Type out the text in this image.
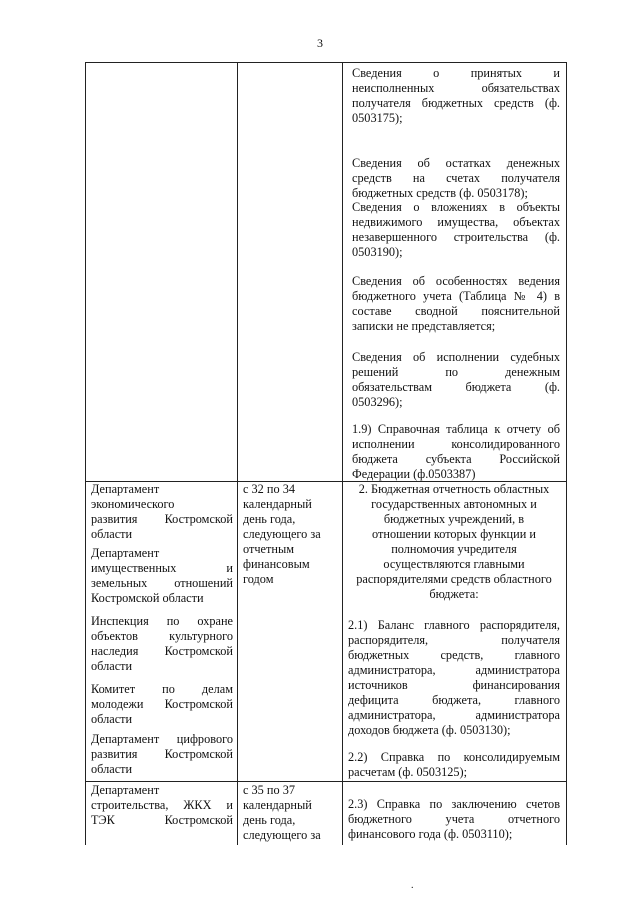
3
Сведения о принятых и
неисполненных обязательствах
получателя бюджетных средств (ф.
0503175);
Сведения об остатках денежных
средств на счетах получателя
бюджетных средств (ф. 0503178);
Сведения о вложениях в объекты
недвижимого имущества, объектах
незавершенного строительства (ф.
0503190);
Сведения об особенностях ведения
бюджетного учета (Таблица № 4) в
составе сводной пояснительной
записки не представляется;
Сведения об исполнении судебных
решений по денежным
обязательствам бюджета (ф.
0503296);
1.9) Справочная таблица к отчету об
исполнении консолидированного
бюджета субъекта Российской
Федерации (ф.0503387)
Департамент
экономического
развития Костромской
области
Департамент
имущественных и
земельных отношений
Костромской области
Инспекция по охране
объектов культурного
наследия Костромской
области
Комитет по делам
молодежи Костромской
области
Департамент цифрового
развития Костромской
области
с 32 по 34
календарный
день года,
следующего за
отчетным
финансовым
годом
2. Бюджетная отчетность областных
государственных автономных и
бюджетных учреждений, в
отношении которых функции и
полномочия учредителя
осуществляются главными
распорядителями средств областного
бюджета:
2.1) Баланс главного распорядителя,
распорядителя, получателя
бюджетных средств, главного
администратора, администратора
источников финансирования
дефицита бюджета, главного
администратора, администратора
доходов бюджета (ф. 0503130);
2.2) Справка по консолидируемым
расчетам (ф. 0503125);
Департамент
строительства, ЖКХ и
ТЭК Костромской
с 35 по 37
календарный
день года,
следующего за
2.3) Справка по заключению счетов
бюджетного учета отчетного
финансового года (ф. 0503110);
.
